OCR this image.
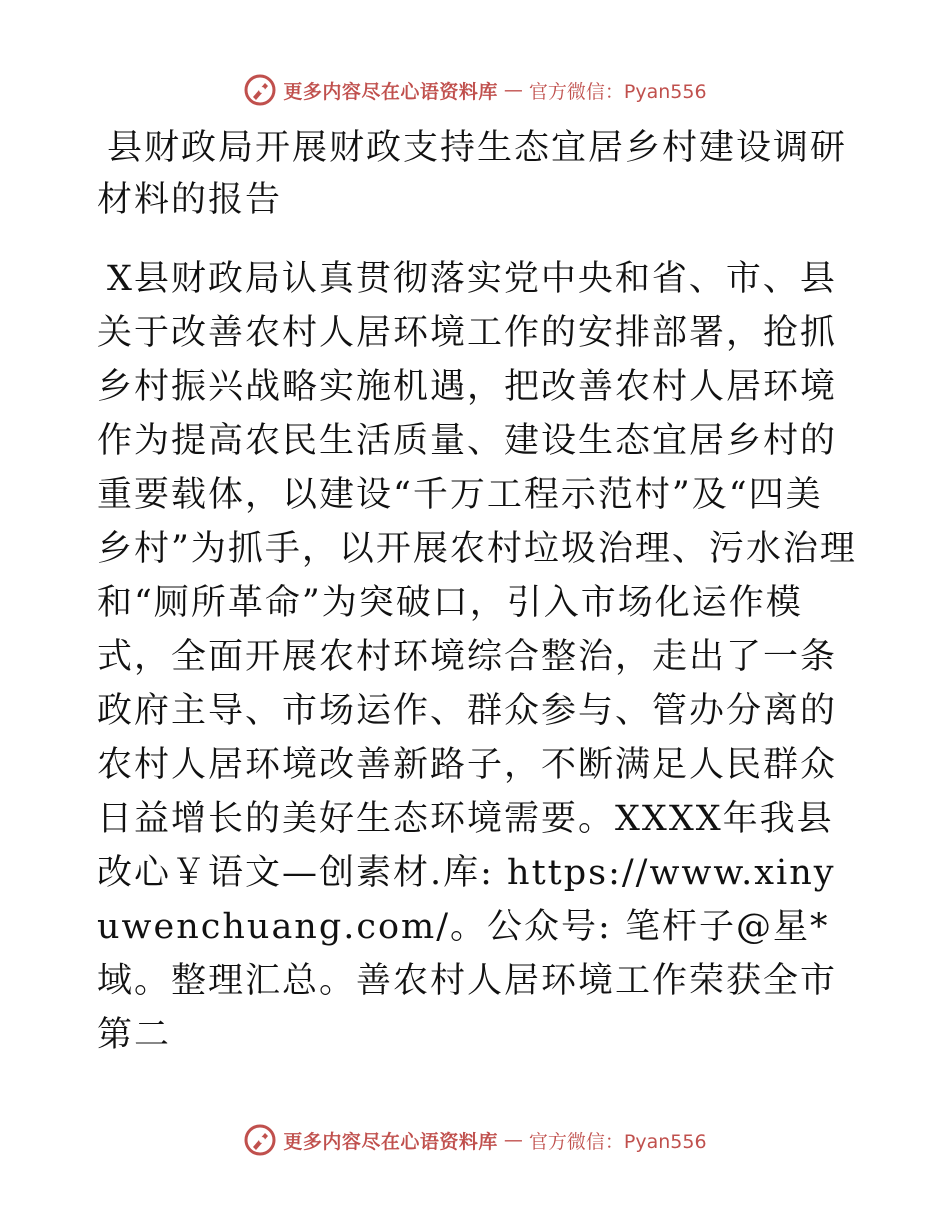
更多内容尽在心语资料库 — 官方微信：Pyan556
县财政局开展财政支持生态宜居乡村建设调研材料的报告

X县财政局认真贯彻落实党中央和省、市、县关于改善农村人居环境工作的安排部署，抢抓乡村振兴战略实施机遇，把改善农村人居环境作为提高农民生活质量、建设生态宜居乡村的重要载体，以建设“千万工程示范村”及“四美乡村”为抓手，以开展农村垃圾治理、污水治理和“厕所革命”为突破口，引入市场化运作模式，全面开展农村环境综合整治，走出了一条政府主导、市场运作、群众参与、管办分离的农村人居环境改善新路子，不断满足人民群众日益增长的美好生态环境需要。XXXX年我县改心￥语文—创素材.库: https://www.xinyuwenchuang.com/。公众号: 笔杆子@星*域。整理汇总。善农村人居环境工作荣获全市第二

更多内容尽在心语资料库 — 官方微信：Pyan556
